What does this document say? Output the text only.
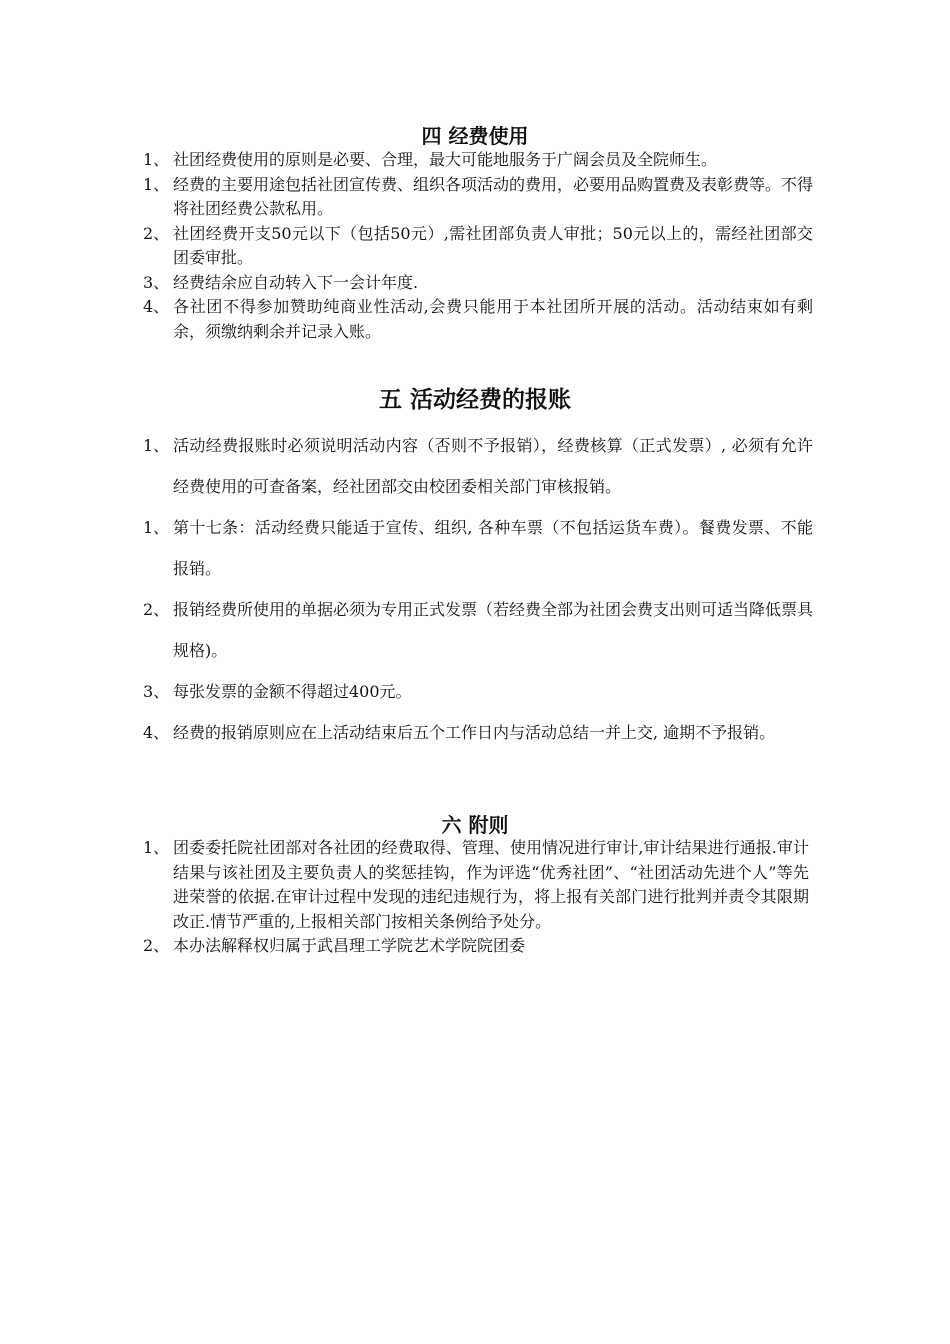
四 经费使用
1、 社团经费使用的原则是必要、合理，最大可能地服务于广阔会员及全院师生。
1、 经费的主要用途包括社团宣传费、组织各项活动的费用，必要用品购置费及表彰费等。不得将社团经费公款私用。
2、 社团经费开支50元以下（包括50元）,需社团部负责人审批；50元以上的，需经社团部交团委审批。
3、 经费结余应自动转入下一会计年度.
4、 各社团不得参加赞助纯商业性活动,会费只能用于本社团所开展的活动。活动结束如有剩余，须缴纳剩余并记录入账。
五 活动经费的报账
1、 活动经费报账时必须说明活动内容（否则不予报销），经费核算（正式发票）, 必须有允许经费使用的可查备案，经社团部交由校团委相关部门审核报销。
1、 第十七条：活动经费只能适于宣传、组织, 各种车票（不包括运货车费）。餐费发票、不能报销。
2、 报销经费所使用的单据必须为专用正式发票（若经费全部为社团会费支出则可适当降低票具规格)。
3、 每张发票的金额不得超过400元。
4、 经费的报销原则应在上活动结束后五个工作日内与活动总结一并上交, 逾期不予报销。
六 附则
1、 团委委托院社团部对各社团的经费取得、管理、使用情况进行审计,审计结果进行通报.审计结果与该社团及主要负责人的奖惩挂钩，作为评选“优秀社团”、“社团活动先进个人”等先进荣誉的依据.在审计过程中发现的违纪违规行为，将上报有关部门进行批判并责令其限期改正.情节严重的,上报相关部门按相关条例给予处分。
2、 本办法解释权归属于武昌理工学院艺术学院院团委
